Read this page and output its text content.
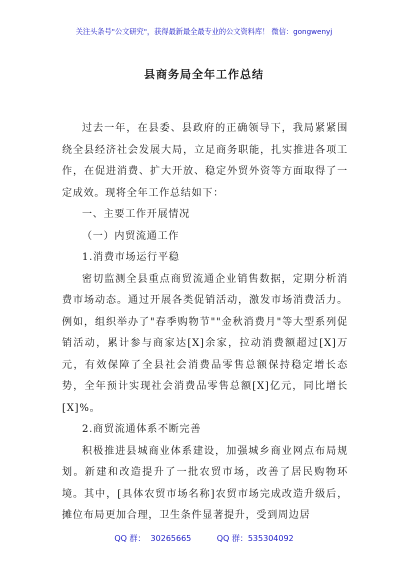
关注头条号"公文研究"，获得最新最全最专业的公文资料库！ 微信：gongwenyj
县商务局全年工作总结

过去一年，在县委、县政府的正确领导下，我局紧紧围绕全县经济社会发展大局，立足商务职能，扎实推进各项工作，在促进消费、扩大开放、稳定外贸外资等方面取得了一定成效。现将全年工作总结如下：

一、主要工作开展情况

（一）内贸流通工作

1.消费市场运行平稳

密切监测全县重点商贸流通企业销售数据，定期分析消费市场动态。通过开展各类促销活动，激发市场消费活力。例如，组织举办了"春季购物节""金秋消费月"等大型系列促销活动，累计参与商家达[X]余家，拉动消费额超过[X]万元，有效保障了全县社会消费品零售总额保持稳定增长态势，全年预计实现社会消费品零售总额[X]亿元，同比增长[X]%。

2.商贸流通体系不断完善

积极推进县城商业体系建设，加强城乡商业网点布局规划。新建和改造提升了一批农贸市场，改善了居民购物环境。其中，[具体农贸市场名称]农贸市场完成改造升级后，摊位布局更加合理，卫生条件显著提升，受到周边居

QQ 群：  30265665          QQ 群：535304092
